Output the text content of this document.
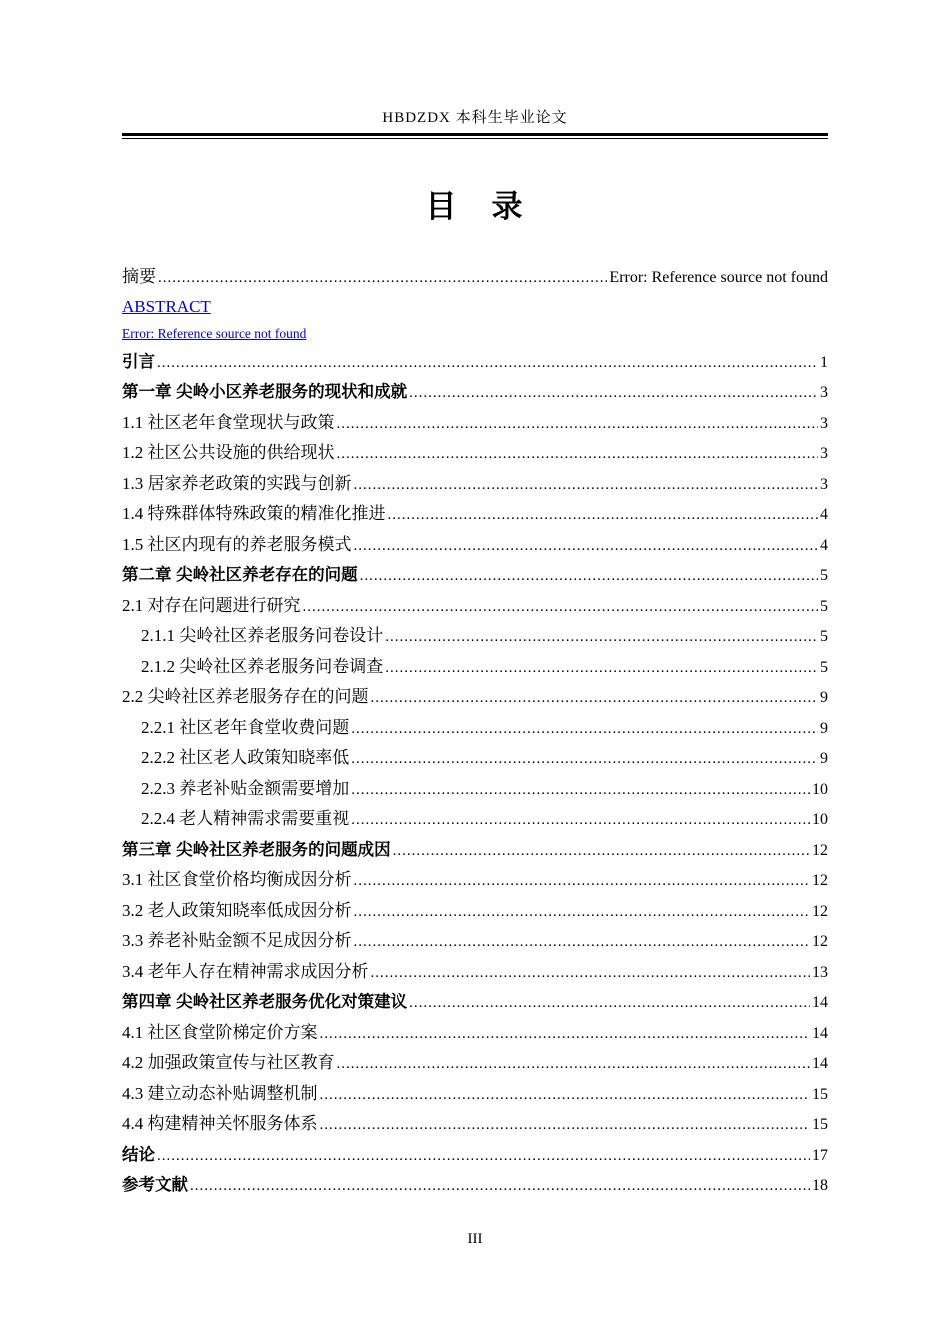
HBDZDX 本科生毕业论文
目　录
摘要 .....	Error: Reference source not found
ABSTRACT
Error: Reference source not found
引言 .....	1
第一章 尖岭小区养老服务的现状和成就 .....	3
1.1 社区老年食堂现状与政策 .....	3
1.2 社区公共设施的供给现状 .....	3
1.3 居家养老政策的实践与创新 .....	3
1.4 特殊群体特殊政策的精准化推进 .....	4
1.5 社区内现有的养老服务模式 .....	4
第二章 尖岭社区养老存在的问题 .....	5
2.1 对存在问题进行研究 .....	5
2.1.1 尖岭社区养老服务问卷设计 .....	5
2.1.2 尖岭社区养老服务问卷调查 .....	5
2.2 尖岭社区养老服务存在的问题 .....	9
2.2.1 社区老年食堂收费问题 .....	9
2.2.2 社区老人政策知晓率低 .....	9
2.2.3 养老补贴金额需要增加 .....	10
2.2.4 老人精神需求需要重视 .....	10
第三章 尖岭社区养老服务的问题成因 .....	12
3.1 社区食堂价格均衡成因分析 .....	12
3.2 老人政策知晓率低成因分析 .....	12
3.3 养老补贴金额不足成因分析 .....	12
3.4 老年人存在精神需求成因分析 .....	13
第四章 尖岭社区养老服务优化对策建议 .....	14
4.1 社区食堂阶梯定价方案 .....	14
4.2 加强政策宣传与社区教育 .....	14
4.3 建立动态补贴调整机制 .....	15
4.4 构建精神关怀服务体系 .....	15
结论 .....	17
参考文献 .....	18
III
